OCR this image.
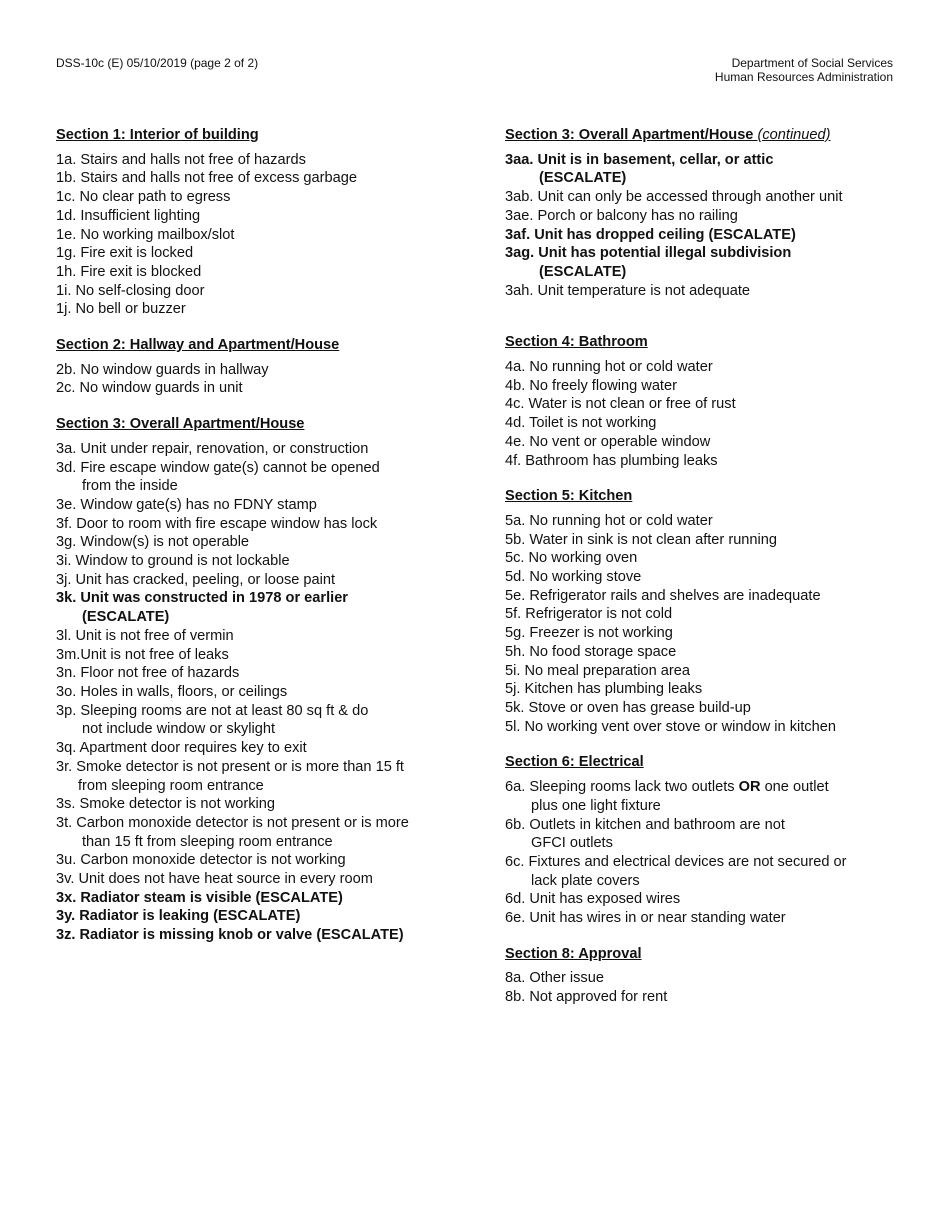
DSS-10c (E) 05/10/2019 (page 2 of 2)	Department of Social Services
Human Resources Administration
Section 1: Interior of building
1a. Stairs and halls not free of hazards
1b. Stairs and halls not free of excess garbage
1c. No clear path to egress
1d. Insufficient lighting
1e. No working mailbox/slot
1g. Fire exit is locked
1h. Fire exit is blocked
1i. No self-closing door
1j. No bell or buzzer
Section 2: Hallway and Apartment/House
2b. No window guards in hallway
2c. No window guards in unit
Section 3: Overall Apartment/House
3a. Unit under repair, renovation, or construction
3d. Fire escape window gate(s) cannot be opened
from the inside
3e. Window gate(s) has no FDNY stamp
3f. Door to room with fire escape window has lock
3g. Window(s) is not operable
3i. Window to ground is not lockable
3j. Unit has cracked, peeling, or loose paint
3k. Unit was constructed in 1978 or earlier
(ESCALATE)
3l. Unit is not free of vermin
3m.Unit is not free of leaks
3n. Floor not free of hazards
3o. Holes in walls, floors, or ceilings
3p. Sleeping rooms are not at least 80 sq ft & do
not include window or skylight
3q. Apartment door requires key to exit
3r. Smoke detector is not present or is more than 15 ft
from sleeping room entrance
3s. Smoke detector is not working
3t. Carbon monoxide detector is not present or is more
than 15 ft from sleeping room entrance
3u. Carbon monoxide detector is not working
3v. Unit does not have heat source in every room
3x. Radiator steam is visible (ESCALATE)
3y. Radiator is leaking (ESCALATE)
3z. Radiator is missing knob or valve (ESCALATE)
Section 3: Overall Apartment/House (continued)
3aa. Unit is in basement, cellar, or attic
(ESCALATE)
3ab. Unit can only be accessed through another unit
3ae. Porch or balcony has no railing
3af. Unit has dropped ceiling (ESCALATE)
3ag. Unit has potential illegal subdivision
(ESCALATE)
3ah. Unit temperature is not adequate
Section 4: Bathroom
4a. No running hot or cold water
4b. No freely flowing water
4c. Water is not clean or free of rust
4d. Toilet is not working
4e. No vent or operable window
4f. Bathroom has plumbing leaks
Section 5: Kitchen
5a. No running hot or cold water
5b. Water in sink is not clean after running
5c. No working oven
5d. No working stove
5e. Refrigerator rails and shelves are inadequate
5f. Refrigerator is not cold
5g. Freezer is not working
5h. No food storage space
5i. No meal preparation area
5j. Kitchen has plumbing leaks
5k. Stove or oven has grease build-up
5l. No working vent over stove or window in kitchen
Section 6: Electrical
6a. Sleeping rooms lack two outlets OR one outlet
plus one light fixture
6b. Outlets in kitchen and bathroom are not
GFCI outlets
6c. Fixtures and electrical devices are not secured or
lack plate covers
6d. Unit has exposed wires
6e. Unit has wires in or near standing water
Section 8: Approval
8a. Other issue
8b. Not approved for rent
